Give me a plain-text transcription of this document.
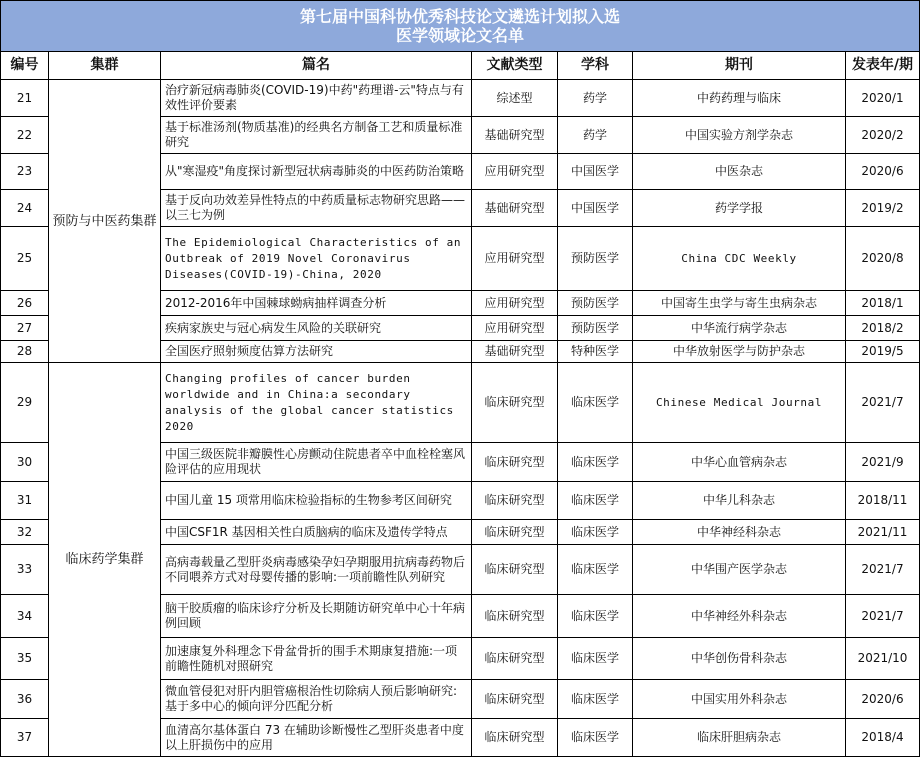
第七届中国科协优秀科技论文遴选计划拟入选
医学领域论文名单						

编号	集群	篇名	文献类型	学科	期刊	发表年/期
21	预防与中医药集群	治疗新冠病毒肺炎(COVID-19)中药"药理谱-云"特点与有效性评价要素	综述型	药学	中药药理与临床	2020/1
22		基于标准汤剂(物质基准)的经典名方制备工艺和质量标准研究	基础研究型	药学	中国实验方剂学杂志	2020/2
23		从"寒湿疫"角度探讨新型冠状病毒肺炎的中医药防治策略	应用研究型	中国医学	中医杂志	2020/6
24		基于反向功效差异性特点的中药质量标志物研究思路——以三七为例	基础研究型	中国医学	药学学报	2019/2
25		The Epidemiological Characteristics of an Outbreak of 2019 Novel Coronavirus Diseases(COVID-19)-China, 2020	应用研究型	预防医学	China CDC Weekly	2020/8
26		2012-2016年中国棘球蚴病抽样调查分析	应用研究型	预防医学	中国寄生虫学与寄生虫病杂志	2018/1
27		疾病家族史与冠心病发生风险的关联研究	应用研究型	预防医学	中华流行病学杂志	2018/2
28		全国医疗照射频度估算方法研究	基础研究型	特种医学	中华放射医学与防护杂志	2019/5
29	临床药学集群	Changing profiles of cancer burden worldwide and in China:a secondary analysis of the global cancer statistics 2020	临床研究型	临床医学	Chinese Medical Journal	2021/7
30		中国三级医院非瓣膜性心房颤动住院患者卒中血栓栓塞风险评估的应用现状	临床研究型	临床医学	中华心血管病杂志	2021/9
31		中国儿童 15 项常用临床检验指标的生物参考区间研究	临床研究型	临床医学	中华儿科杂志	2018/11
32		中国CSF1R 基因相关性白质脑病的临床及遗传学特点	临床研究型	临床医学	中华神经科杂志	2021/11
33		高病毒载量乙型肝炎病毒感染孕妇孕期服用抗病毒药物后不同喂养方式对母婴传播的影响:一项前瞻性队列研究	临床研究型	临床医学	中华围产医学杂志	2021/7
34		脑干胶质瘤的临床诊疗分析及长期随访研究单中心十年病例回顾	临床研究型	临床医学	中华神经外科杂志	2021/7
35		加速康复外科理念下骨盆骨折的围手术期康复措施:一项前瞻性随机对照研究	临床研究型	临床医学	中华创伤骨科杂志	2021/10
36		微血管侵犯对肝内胆管癌根治性切除病人预后影响研究:基于多中心的倾向评分匹配分析	临床研究型	临床医学	中国实用外科杂志	2020/6
37		血清高尔基体蛋白 73 在辅助诊断慢性乙型肝炎患者中度以上肝损伤中的应用	临床研究型	临床医学	临床肝胆病杂志	2018/4
